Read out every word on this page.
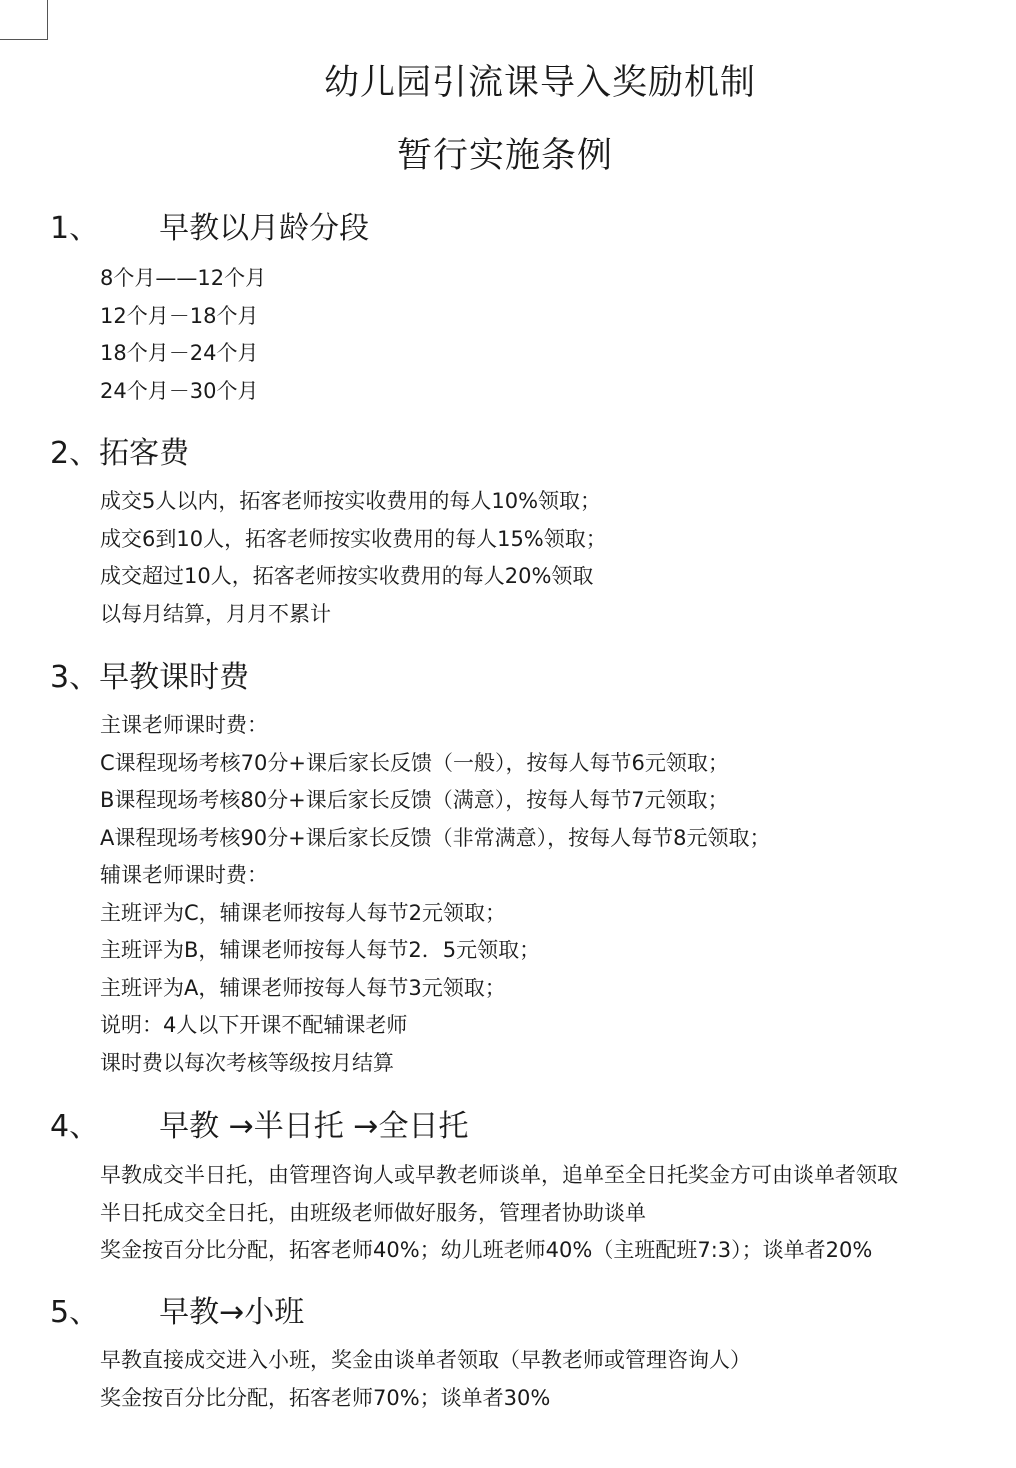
幼儿园引流课导入奖励机制
暂行实施条例
1、 早教以月龄分段
8个月——12个月
12个月－18个月
18个月－24个月
24个月－30个月
2、拓客费
成交5人以内，拓客老师按实收费用的每人10%领取；
成交6到10人，拓客老师按实收费用的每人15%领取；
成交超过10人，拓客老师按实收费用的每人20%领取
以每月结算，月月不累计
3、早教课时费
主课老师课时费：
C课程现场考核70分+课后家长反馈（一般），按每人每节6元领取；
B课程现场考核80分+课后家长反馈（满意），按每人每节7元领取；
A课程现场考核90分+课后家长反馈（非常满意），按每人每节8元领取；
辅课老师课时费：
主班评为C，辅课老师按每人每节2元领取；
主班评为B，辅课老师按每人每节2．5元领取；
主班评为A，辅课老师按每人每节3元领取；
说明：4人以下开课不配辅课老师
课时费以每次考核等级按月结算
4、 早教 →半日托 →全日托
早教成交半日托，由管理咨询人或早教老师谈单，追单至全日托奖金方可由谈单者领取
半日托成交全日托，由班级老师做好服务，管理者协助谈单
奖金按百分比分配，拓客老师40%；幼儿班老师40%（主班配班7:3）；谈单者20%
5、 早教→小班
早教直接成交进入小班，奖金由谈单者领取（早教老师或管理咨询人）
奖金按百分比分配，拓客老师70%；谈单者30%
